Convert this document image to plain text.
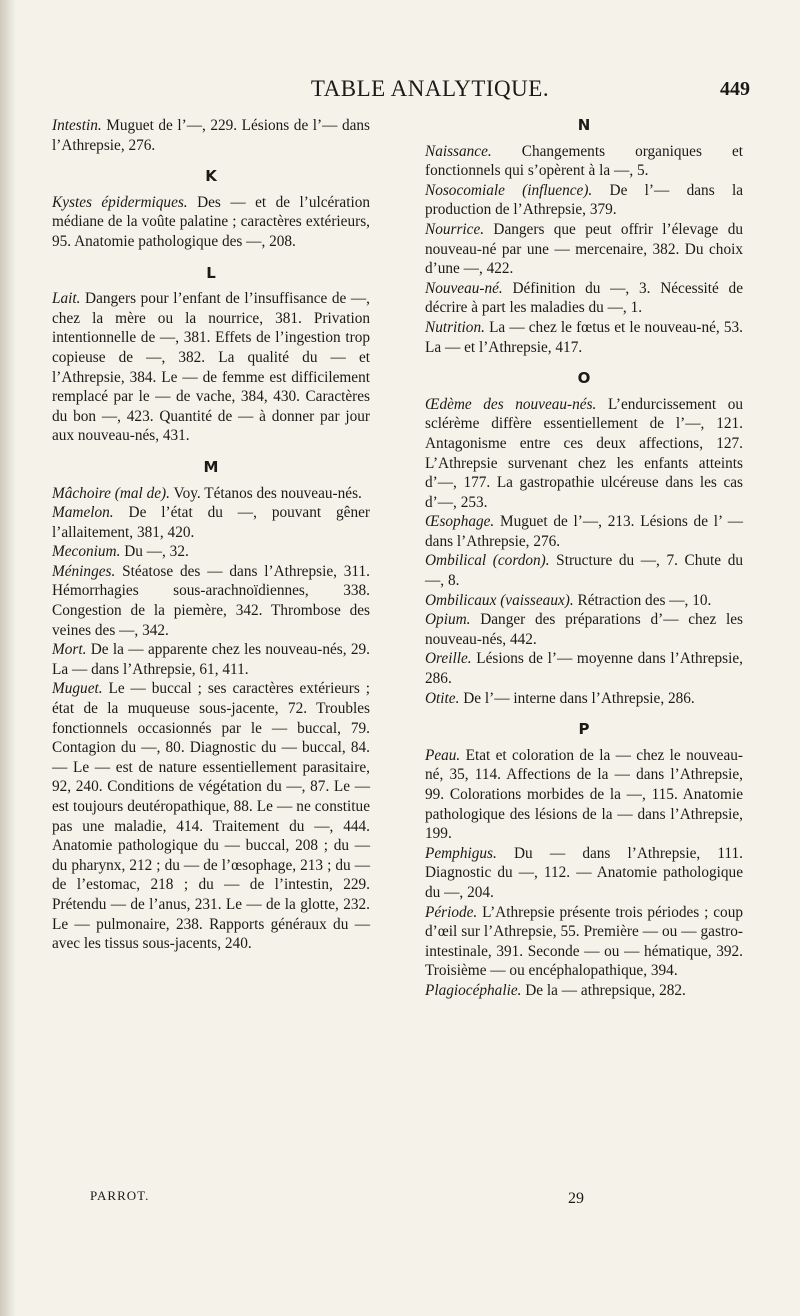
TABLE ANALYTIQUE.	449

Intestin. Muguet de l’—, 229. Lésions de l’— dans l’Athrepsie, 276.

K

Kystes épidermiques. Des — et de l’ulcération médiane de la voûte palatine ; caractères extérieurs, 95. Anatomie pathologique des —, 208.

L

Lait. Dangers pour l’enfant de l’insuffisance de —, chez la mère ou la nourrice, 381. Privation intentionnelle de —, 381. Effets de l’ingestion trop copieuse de —, 382. La qualité du — et l’Athrepsie, 384. Le — de femme est difficilement remplacé par le — de vache, 384, 430. Caractères du bon —, 423. Quantité de — à donner par jour aux nouveau-nés, 431.

M

Mâchoire (mal de). Voy. Tétanos des nouveau-nés.

Mamelon. De l’état du —, pouvant gêner l’allaitement, 381, 420.

Meconium. Du —, 32.

Méninges. Stéatose des — dans l’Athrepsie, 311. Hémorrhagies sous-arachnoïdiennes, 338. Congestion de la piemère, 342. Thrombose des veines des —, 342.

Mort. De la — apparente chez les nouveau-nés, 29. La — dans l’Athrepsie, 61, 411.

Muguet. Le — buccal ; ses caractères extérieurs ; état de la muqueuse sous-jacente, 72. Troubles fonctionnels occasionnés par le — buccal, 79. Contagion du —, 80. Diagnostic du — buccal, 84. — Le — est de nature essentiellement parasitaire, 92, 240. Conditions de végétation du —, 87. Le — est toujours deutéropathique, 88. Le — ne constitue pas une maladie, 414. Traitement du —, 444. Anatomie pathologique du — buccal, 208 ; du — du pharynx, 212 ; du — de l’œsophage, 213 ; du — de l’estomac, 218 ; du — de l’intestin, 229. Prétendu — de l’anus, 231. Le — de la glotte, 232. Le — pulmonaire, 238. Rapports généraux du — avec les tissus sous-jacents, 240.

N

Naissance. Changements organiques et fonctionnels qui s’opèrent à la —, 5.

Nosocomiale (influence). De l’— dans la production de l’Athrepsie, 379.

Nourrice. Dangers que peut offrir l’élevage du nouveau-né par une — mercenaire, 382. Du choix d’une —, 422.

Nouveau-né. Définition du —, 3. Nécessité de décrire à part les maladies du —, 1.

Nutrition. La — chez le fœtus et le nouveau-né, 53. La — et l’Athrepsie, 417.

O

Œdème des nouveau-nés. L’endurcissement ou sclérème diffère essentiellement de l’—, 121. Antagonisme entre ces deux affections, 127. L’Athrepsie survenant chez les enfants atteints d’—, 177. La gastropathie ulcéreuse dans les cas d’—, 253.

Œsophage. Muguet de l’—, 213. Lésions de l’ — dans l’Athrepsie, 276.

Ombilical (cordon). Structure du —, 7. Chute du —, 8.

Ombilicaux (vaisseaux). Rétraction des —, 10.

Opium. Danger des préparations d’— chez les nouveau-nés, 442.

Oreille. Lésions de l’— moyenne dans l’Athrepsie, 286.

Otite. De l’— interne dans l’Athrepsie, 286.

P

Peau. Etat et coloration de la — chez le nouveau-né, 35, 114. Affections de la — dans l’Athrepsie, 99. Colorations morbides de la —, 115. Anatomie pathologique des lésions de la — dans l’Athrepsie, 199.

Pemphigus. Du — dans l’Athrepsie, 111. Diagnostic du —, 112. — Anatomie pathologique du —, 204.

Période. L’Athrepsie présente trois périodes ; coup d’œil sur l’Athrepsie, 55. Première — ou — gastro-intestinale, 391. Seconde — ou — hématique, 392. Troisième — ou encéphalopathique, 394.

Plagiocéphalie. De la — athrepsique, 282.

PARROT.	29
